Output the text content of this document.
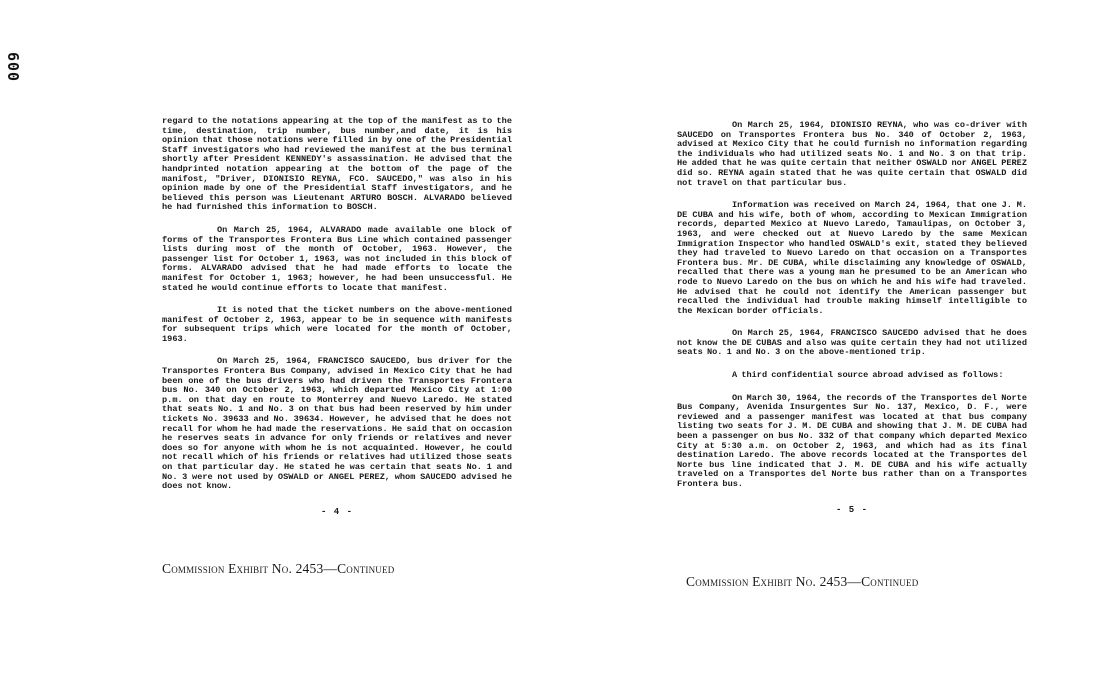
600

regard to the notations appearing at the top of the manifest as to the time, destination, trip number, bus number,and date, it is his opinion that those notations were filled in by one of the Presidential Staff investigators who had reviewed the manifest at the bus terminal shortly after President KENNEDY's assassination. He advised that the handprinted notation appearing at the bottom of the page of the manifost, "Driver, DIONISIO REYNA, FCO. SAUCEDO," was also in his opinion made by one of the Presidential Staff investigators, and he believed this person was Lieutenant ARTURO BOSCH. ALVARADO believed he had furnished this information to BOSCH.

On March 25, 1964, ALVARADO made available one block of forms of the Transportes Frontera Bus Line which contained passenger lists during most of the month of October, 1963. However, the passenger list for October 1, 1963, was not included in this block of forms. ALVARADO advised that he had made efforts to locate the manifest for October 1, 1963; however, he had been unsuccessful. He stated he would continue efforts to locate that manifest.

It is noted that the ticket numbers on the above-mentioned manifest of October 2, 1963, appear to be in sequence with manifests for subsequent trips which were located for the month of October, 1963.

On March 25, 1964, FRANCISCO SAUCEDO, bus driver for the Transportes Frontera Bus Company, advised in Mexico City that he had been one of the bus drivers who had driven the Transportes Frontera bus No. 340 on October 2, 1963, which departed Mexico City at 1:00 p.m. on that day en route to Monterrey and Nuevo Laredo. He stated that seats No. 1 and No. 3 on that bus had been reserved by him under tickets No. 39633 and No. 39634. However, he advised that he does not recall for whom he had made the reservations. He said that on occasion he reserves seats in advance for only friends or relatives and never does so for anyone with whom he is not acquainted. However, he could not recall which of his friends or relatives had utilized those seats on that particular day. He stated he was certain that seats No. 1 and No. 3 were not used by OSWALD or ANGEL PEREZ, whom SAUCEDO advised he does not know.

- 4 -

On March 25, 1964, DIONISIO REYNA, who was co-driver with SAUCEDO on Transportes Frontera bus No. 340 of October 2, 1963, advised at Mexico City that he could furnish no information regarding the individuals who had utilized seats No. 1 and No. 3 on that trip. He added that he was quite certain that neither OSWALD nor ANGEL PEREZ did so. REYNA again stated that he was quite certain that OSWALD did not travel on that particular bus.

Information was received on March 24, 1964, that one J. M. DE CUBA and his wife, both of whom, according to Mexican Immigration records, departed Mexico at Nuevo Laredo, Tamaulipas, on October 3, 1963, and were checked out at Nuevo Laredo by the same Mexican Immigration Inspector who handled OSWALD's exit, stated they believed they had traveled to Nuevo Laredo on that occasion on a Transportes Frontera bus. Mr. DE CUBA, while disclaiming any knowledge of OSWALD, recalled that there was a young man he presumed to be an American who rode to Nuevo Laredo on the bus on which he and his wife had traveled. He advised that he could not identify the American passenger but recalled the individual had trouble making himself intelligible to the Mexican border officials.

On March 25, 1964, FRANCISCO SAUCEDO advised that he does not know the DE CUBAS and also was quite certain they had not utilized seats No. 1 and No. 3 on the above-mentioned trip.

A third confidential source abroad advised as follows:

On March 30, 1964, the records of the Transportes del Norte Bus Company, Avenida Insurgentes Sur No. 137, Mexico, D. F., were reviewed and a passenger manifest was located at that bus company listing two seats for J. M. DE CUBA and showing that J. M. DE CUBA had been a passenger on bus No. 332 of that company which departed Mexico City at 5:30 a.m. on October 2, 1963, and which had as its final destination Laredo. The above records located at the Transportes del Norte bus line indicated that J. M. DE CUBA and his wife actually traveled on a Transportes del Norte bus rather than on a Transportes Frontera bus.

- 5 -
Commission Exhibit No. 2453—Continued
Commission Exhibit No. 2453—Continued
